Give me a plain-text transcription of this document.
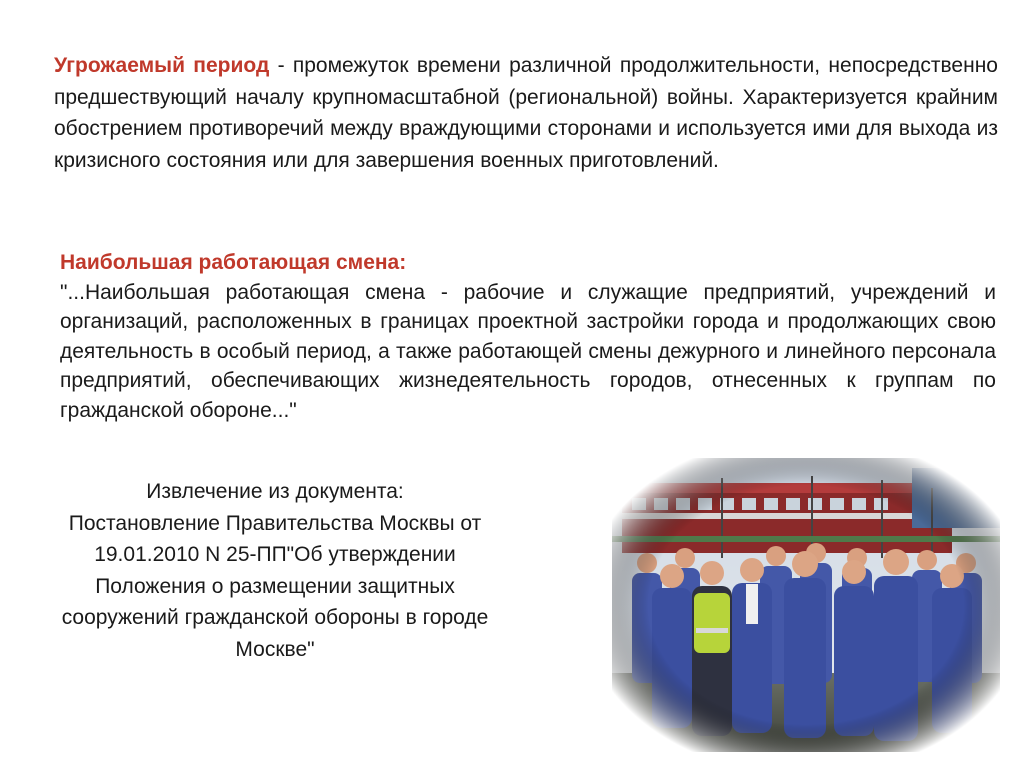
Угрожаемый период - промежуток времени различной продолжительности, непосредственно предшествующий началу крупномасштабной (региональной) войны. Характеризуется крайним обострением противоречий между враждующими сторонами и используется ими для выхода из кризисного состояния или для завершения военных приготовлений.
Наибольшая работающая смена:
"...Наибольшая работающая смена - рабочие и служащие предприятий, учреждений и организаций, расположенных в границах проектной застройки города и продолжающих свою деятельность в особый период, а также работающей смены дежурного и линейного персонала предприятий, обеспечивающих жизнедеятельность городов, отнесенных к группам по гражданской обороне..."
Извлечение из документа:
Постановление Правительства Москвы от 19.01.2010 N 25-ПП"Об утверждении Положения о размещении защитных сооружений гражданской обороны в городе Москве"
